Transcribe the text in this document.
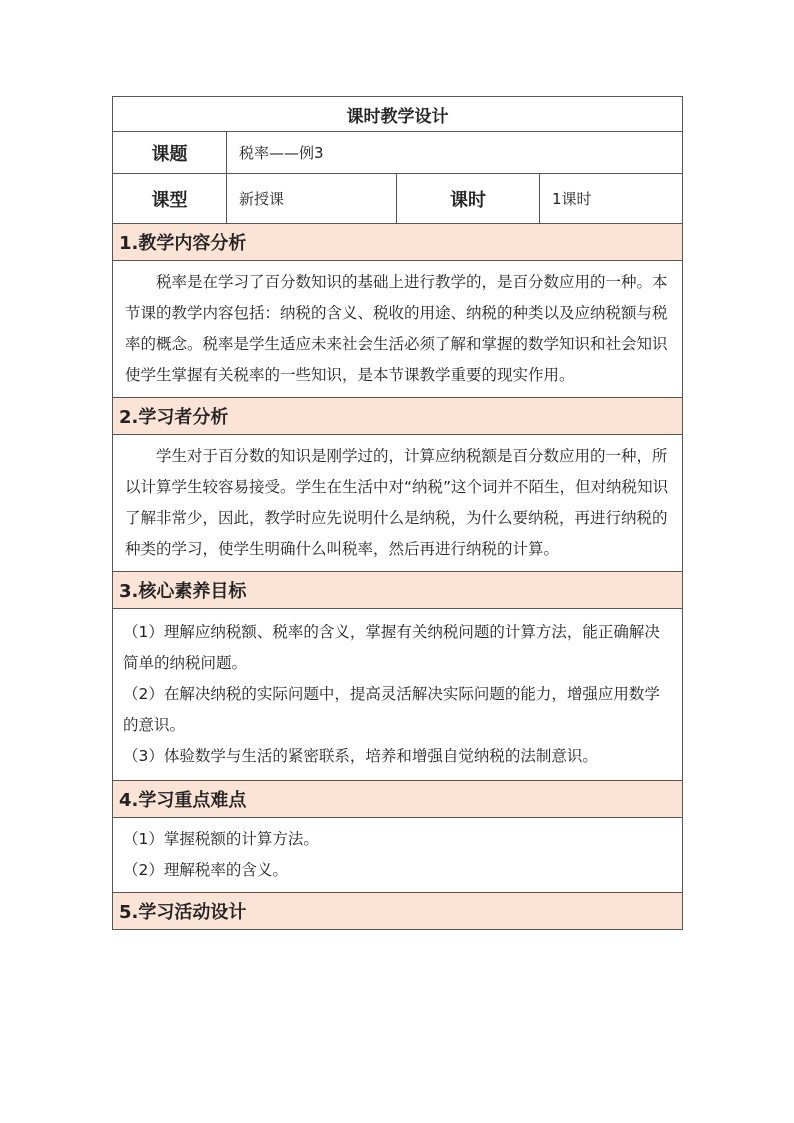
课时教学设计			
课题	税率——例3		
课型	新授课	课时	1课时
1.教学内容分析			

税率是在学习了百分数知识的基础上进行教学的，是百分数应用的一种。本节课的教学内容包括：纳税的含义、税收的用途、纳税的种类以及应纳税额与税率的概念。税率是学生适应未来社会生活必须了解和掌握的数学知识和社会知识使学生掌握有关税率的一些知识，是本节课教学重要的现实作用。			

2.学习者分析			

学生对于百分数的知识是刚学过的，计算应纳税额是百分数应用的一种，所以计算学生较容易接受。学生在生活中对“纳税”这个词并不陌生，但对纳税知识了解非常少，因此，教学时应先说明什么是纳税，为什么要纳税，再进行纳税的种类的学习，使学生明确什么叫税率，然后再进行纳税的计算。			

3.核心素养目标			

（1）理解应纳税额、税率的含义，掌握有关纳税问题的计算方法，能正确解决简单的纳税问题。

（2）在解决纳税的实际问题中，提高灵活解决实际问题的能力，增强应用数学的意识。

（3）体验数学与生活的紧密联系，培养和增强自觉纳税的法制意识。			

4.学习重点难点			

（1）掌握税额的计算方法。

（2）理解税率的含义。			

5.学习活动设计			
